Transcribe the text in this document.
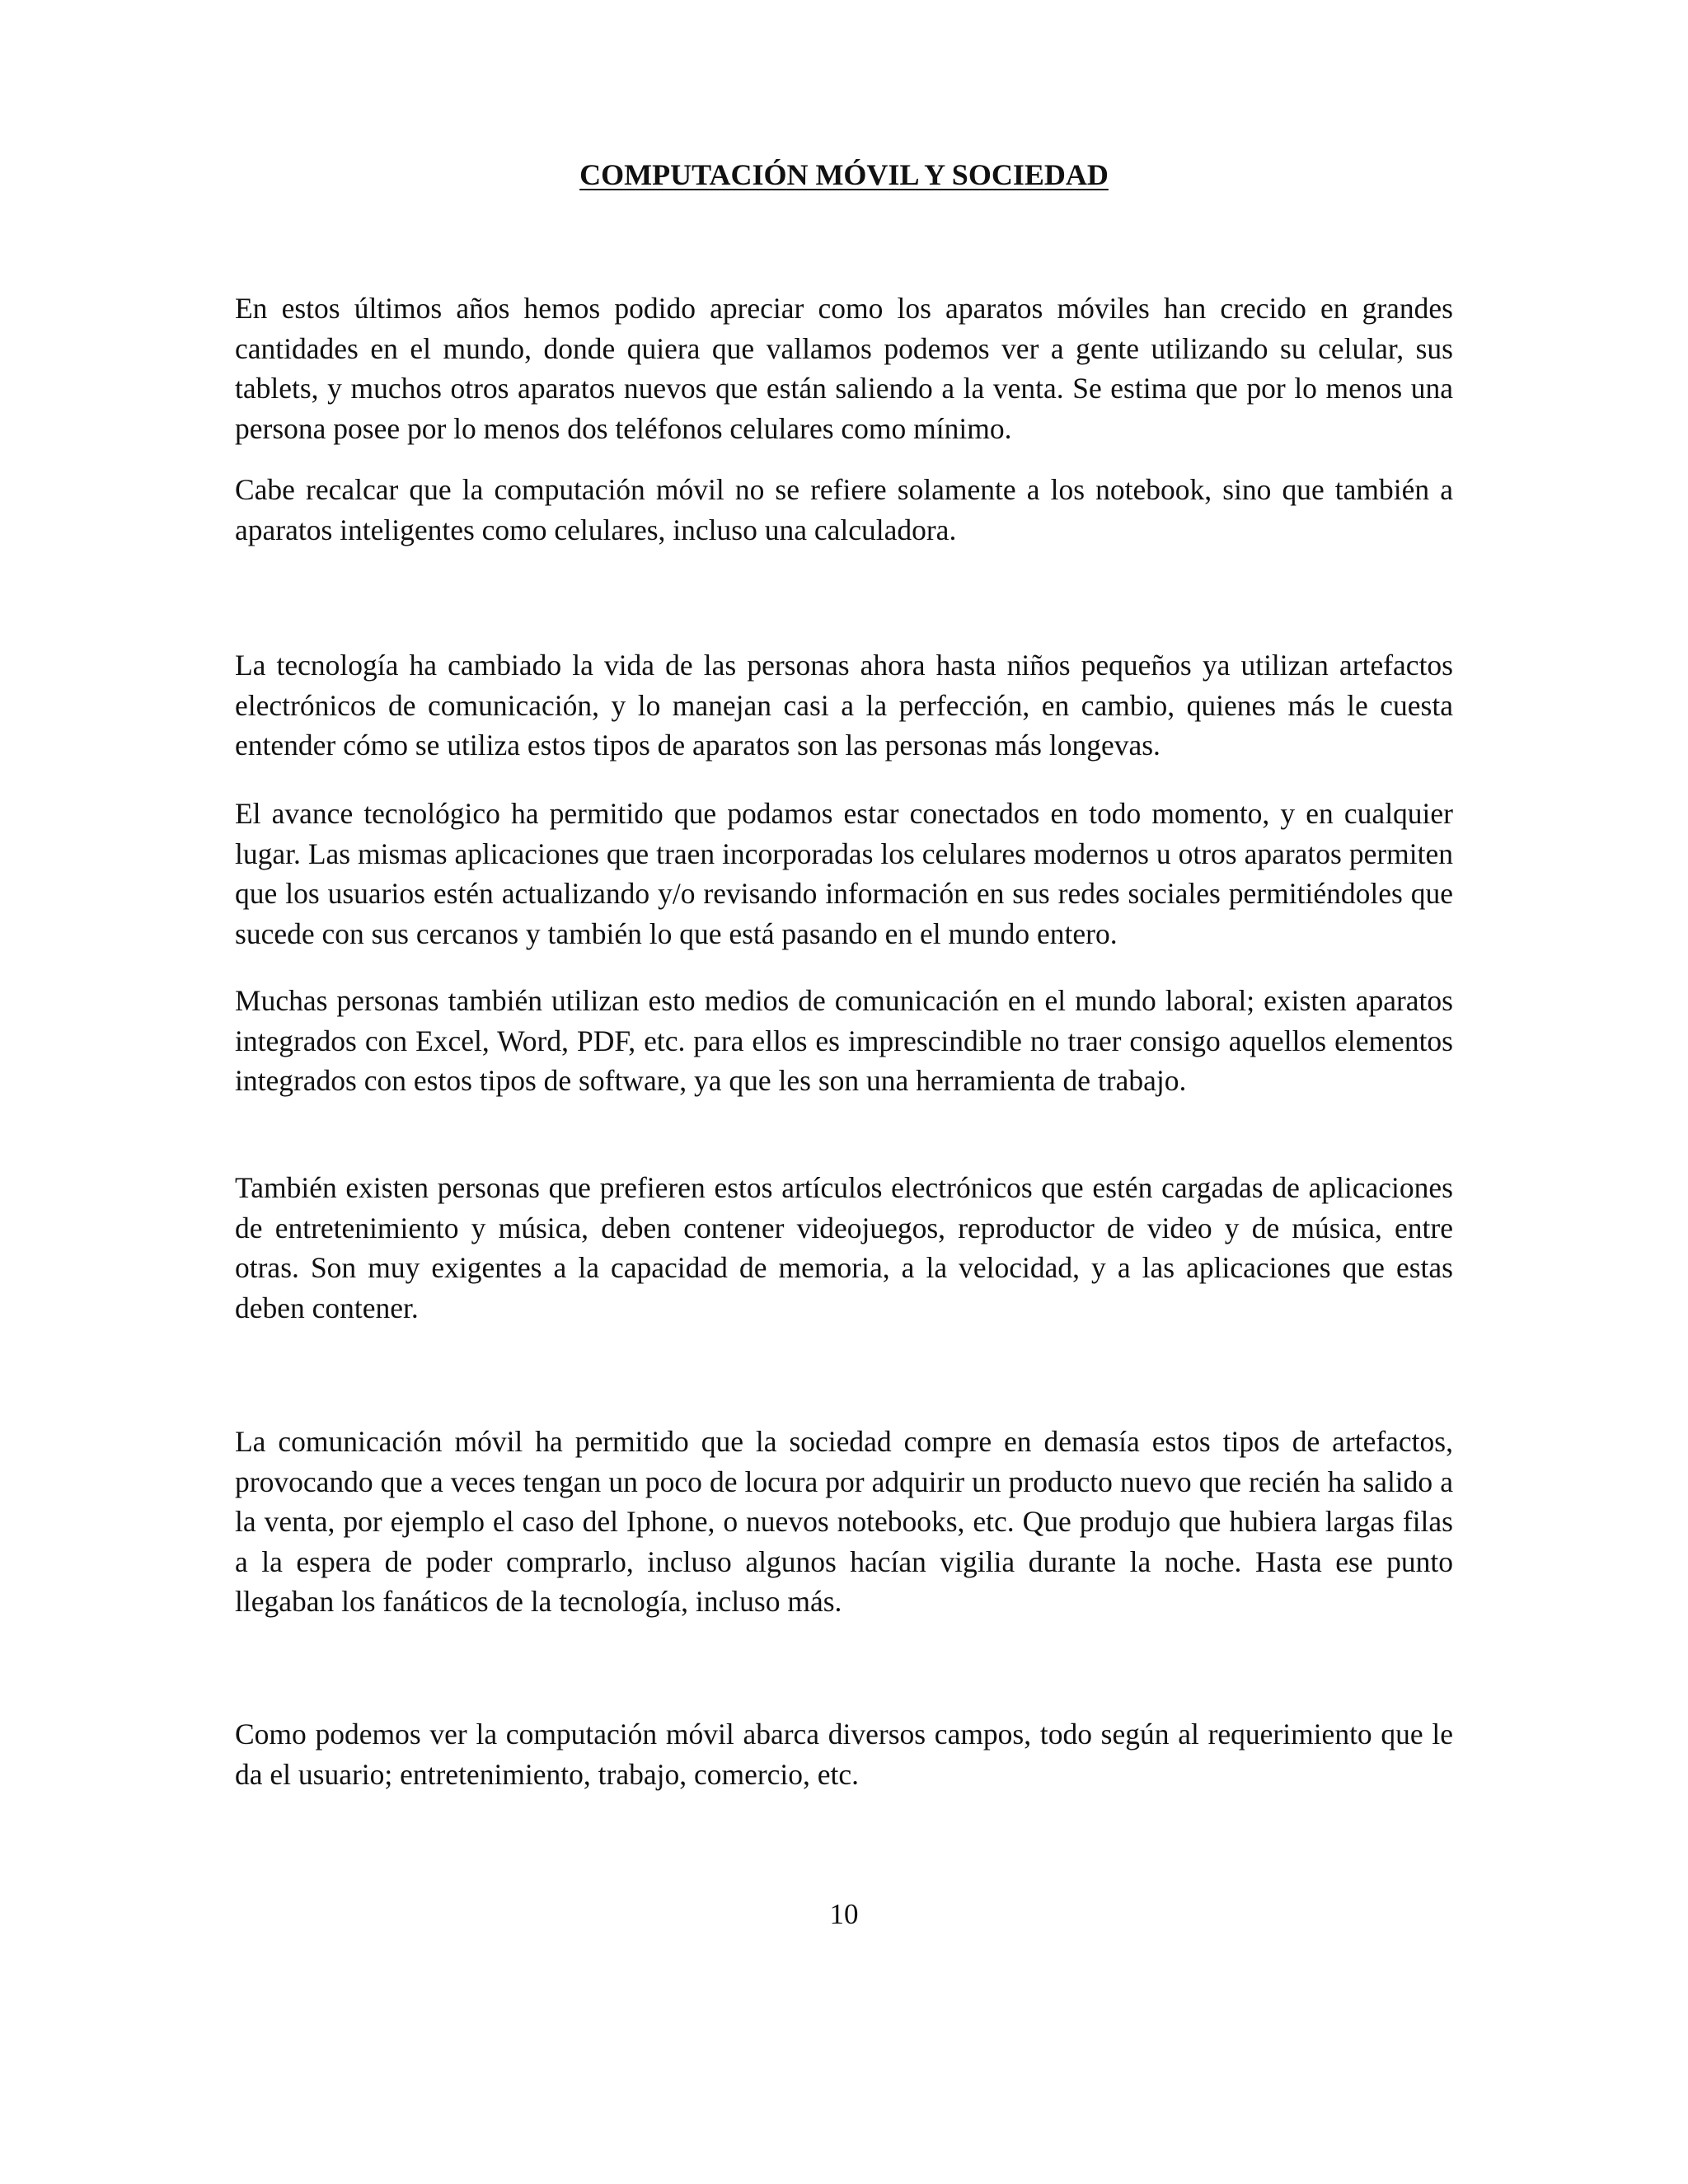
COMPUTACIÓN MÓVIL Y SOCIEDAD

En estos últimos años hemos podido apreciar como los aparatos móviles han crecido en grandes cantidades en el mundo, donde quiera que vallamos podemos ver a gente utilizando su celular, sus tablets, y muchos otros aparatos nuevos que están saliendo a la venta. Se estima que por lo menos una persona posee por lo menos dos teléfonos celulares como mínimo.

Cabe recalcar que la computación móvil no se refiere solamente a los notebook, sino que también a aparatos inteligentes como celulares, incluso una calculadora.

La tecnología ha cambiado la vida de las personas ahora hasta niños pequeños ya utilizan artefactos electrónicos de comunicación, y lo manejan casi a la perfección, en cambio, quienes más le cuesta entender cómo se utiliza estos tipos de aparatos son las personas más longevas.

El avance tecnológico ha permitido que podamos estar conectados en todo momento, y en cualquier lugar. Las mismas aplicaciones que traen incorporadas los celulares modernos u otros aparatos permiten que los usuarios estén actualizando y/o revisando información en sus redes sociales permitiéndoles que sucede con sus cercanos y también lo que está pasando en el mundo entero.

Muchas personas también utilizan esto medios de comunicación en el mundo laboral; existen aparatos integrados con Excel, Word, PDF, etc. para ellos es imprescindible no traer consigo aquellos elementos integrados con estos tipos de software, ya que les son una herramienta de trabajo.

También existen personas que prefieren estos artículos electrónicos que estén cargadas de aplicaciones de entretenimiento y música, deben contener videojuegos, reproductor de video y de música, entre otras. Son muy exigentes a la capacidad de memoria, a la velocidad, y a las aplicaciones que estas deben contener.

La comunicación móvil ha permitido que la sociedad compre en demasía estos tipos de artefactos, provocando que a veces tengan un poco de locura por adquirir un producto nuevo que recién ha salido a la venta, por ejemplo el caso del Iphone, o nuevos notebooks, etc. Que produjo que hubiera largas filas a la espera de poder comprarlo, incluso algunos hacían vigilia durante la noche. Hasta ese punto llegaban los fanáticos de la tecnología, incluso más.

Como podemos ver la computación móvil abarca diversos campos, todo según al requerimiento que le da el usuario; entretenimiento, trabajo, comercio, etc.

10
